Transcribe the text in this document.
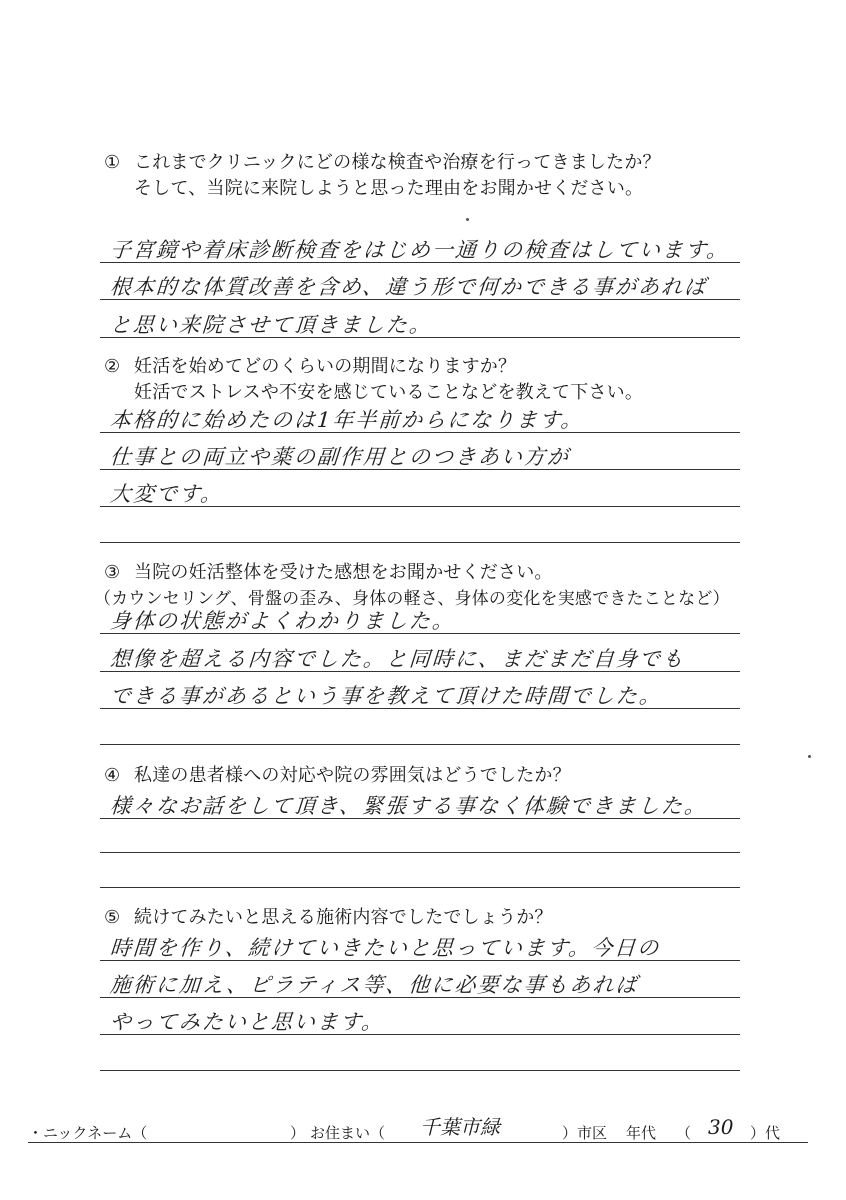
① これまでクリニックにどの様な検査や治療を行ってきましたか？
そして、当院に来院しようと思った理由をお聞かせください。
子宮鏡や着床診断検査をはじめ一通りの検査はしています。
根本的な体質改善を含め、違う形で何かできる事があれば
と思い来院させて頂きました。
② 妊活を始めてどのくらいの期間になりますか？
妊活でストレスや不安を感じていることなどを教えて下さい。
本格的に始めたのは1年半前からになります。
仕事との両立や薬の副作用とのつきあい方が
大変です。
③ 当院の妊活整体を受けた感想をお聞かせください。
（カウンセリング、骨盤の歪み、身体の軽さ、身体の変化を実感できたことなど）
身体の状態がよくわかりました。
想像を超える内容でした。と同時に、まだまだ自身でも
できる事があるという事を教えて頂けた時間でした。
④ 私達の患者様への対応や院の雰囲気はどうでしたか？
様々なお話をして頂き、緊張する事なく体験できました。
⑤ 続けてみたいと思える施術内容でしたでしょうか？
時間を作り、続けていきたいと思っています。今日の
施術に加え、ピラティス等、他に必要な事もあれば
やってみたいと思います。
・ニックネーム（	） お住まい（ 千葉市緑	）市区 年代 （ 30 ）代
